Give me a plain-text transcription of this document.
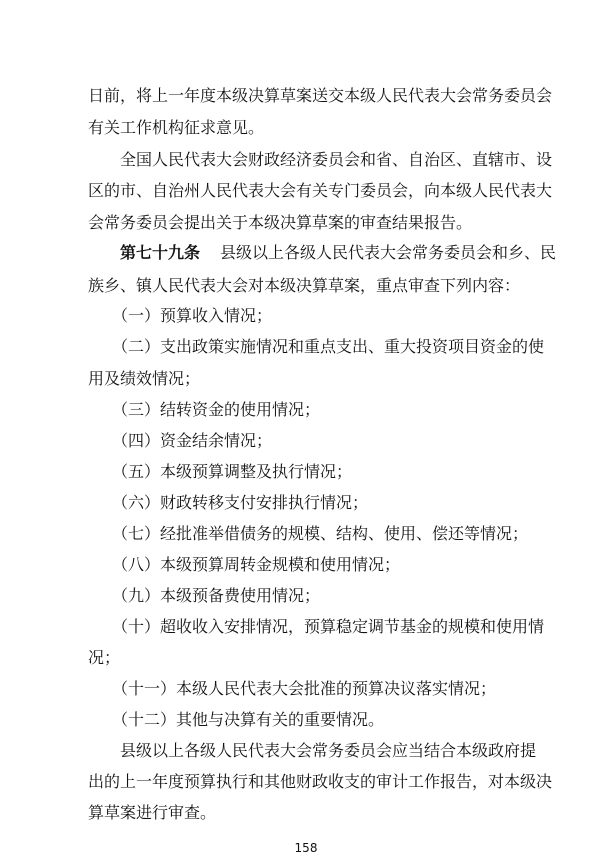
日前，将上一年度本级决算草案送交本级人民代表大会常务委员会
有关工作机构征求意见。
全国人民代表大会财政经济委员会和省、自治区、直辖市、设
区的市、自治州人民代表大会有关专门委员会，向本级人民代表大
会常务委员会提出关于本级决算草案的审查结果报告。
第七十九条	县级以上各级人民代表大会常务委员会和乡、民
族乡、镇人民代表大会对本级决算草案，重点审查下列内容：
（一）预算收入情况；
（二）支出政策实施情况和重点支出、重大投资项目资金的使
用及绩效情况；
（三）结转资金的使用情况；
（四）资金结余情况；
（五）本级预算调整及执行情况；
（六）财政转移支付安排执行情况；
（七）经批准举借债务的规模、结构、使用、偿还等情况；
（八）本级预算周转金规模和使用情况；
（九）本级预备费使用情况；
（十）超收收入安排情况，预算稳定调节基金的规模和使用情
况；
（十一）本级人民代表大会批准的预算决议落实情况；
（十二）其他与决算有关的重要情况。
县级以上各级人民代表大会常务委员会应当结合本级政府提
出的上一年度预算执行和其他财政收支的审计工作报告，对本级决
算草案进行审查。
158
